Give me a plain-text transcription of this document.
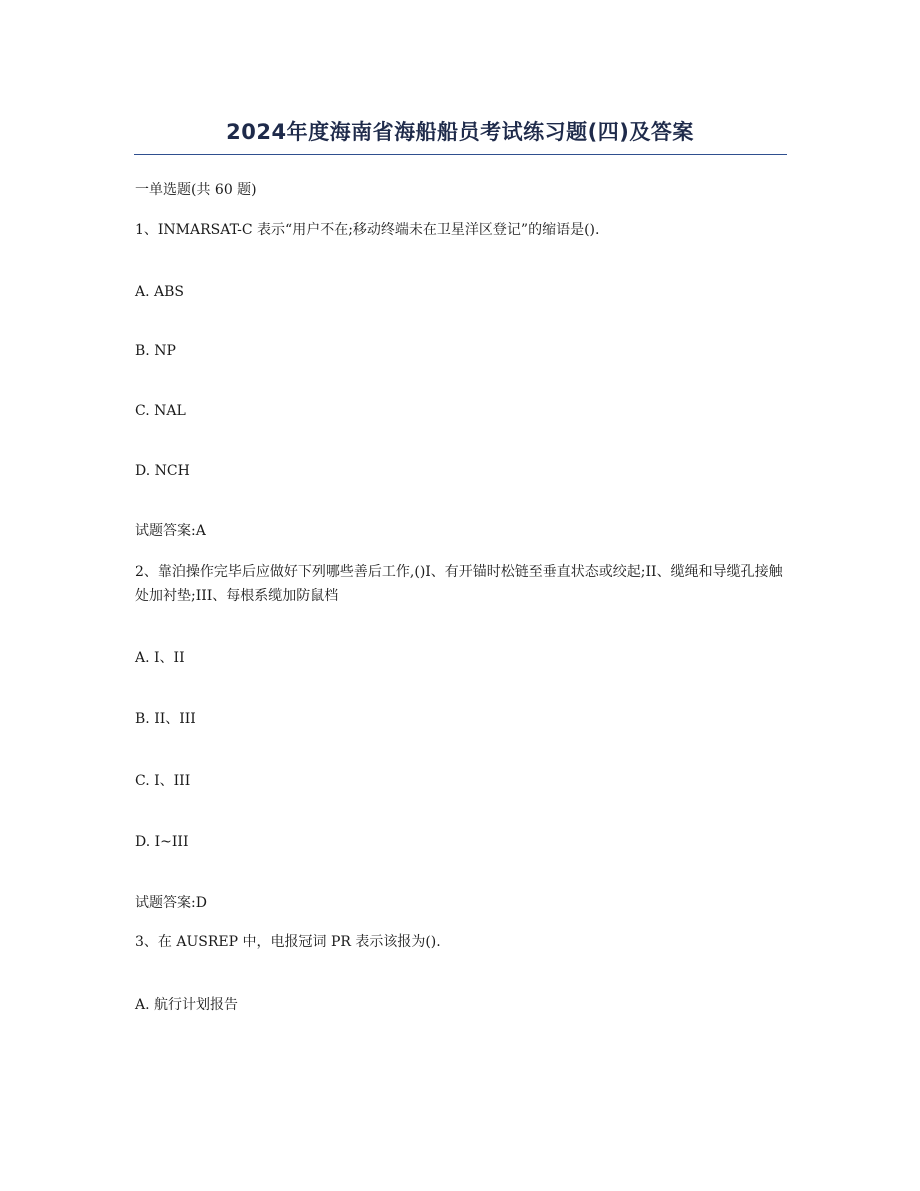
2024年度海南省海船船员考试练习题(四)及答案

一单选题(共 60 题)

1、INMARSAT-C 表示“用户不在;移动终端未在卫星洋区登记”的缩语是().

A. ABS

B. NP

C. NAL

D. NCH

试题答案:A

2、靠泊操作完毕后应做好下列哪些善后工作,()I、有开锚时松链至垂直状态或绞起;II、缆绳和导缆孔接触处加衬垫;III、每根系缆加防鼠档

A. I、II

B. II、III

C. I、III

D. I~III

试题答案:D

3、在 AUSREP 中，电报冠词 PR 表示该报为().

A. 航行计划报告
